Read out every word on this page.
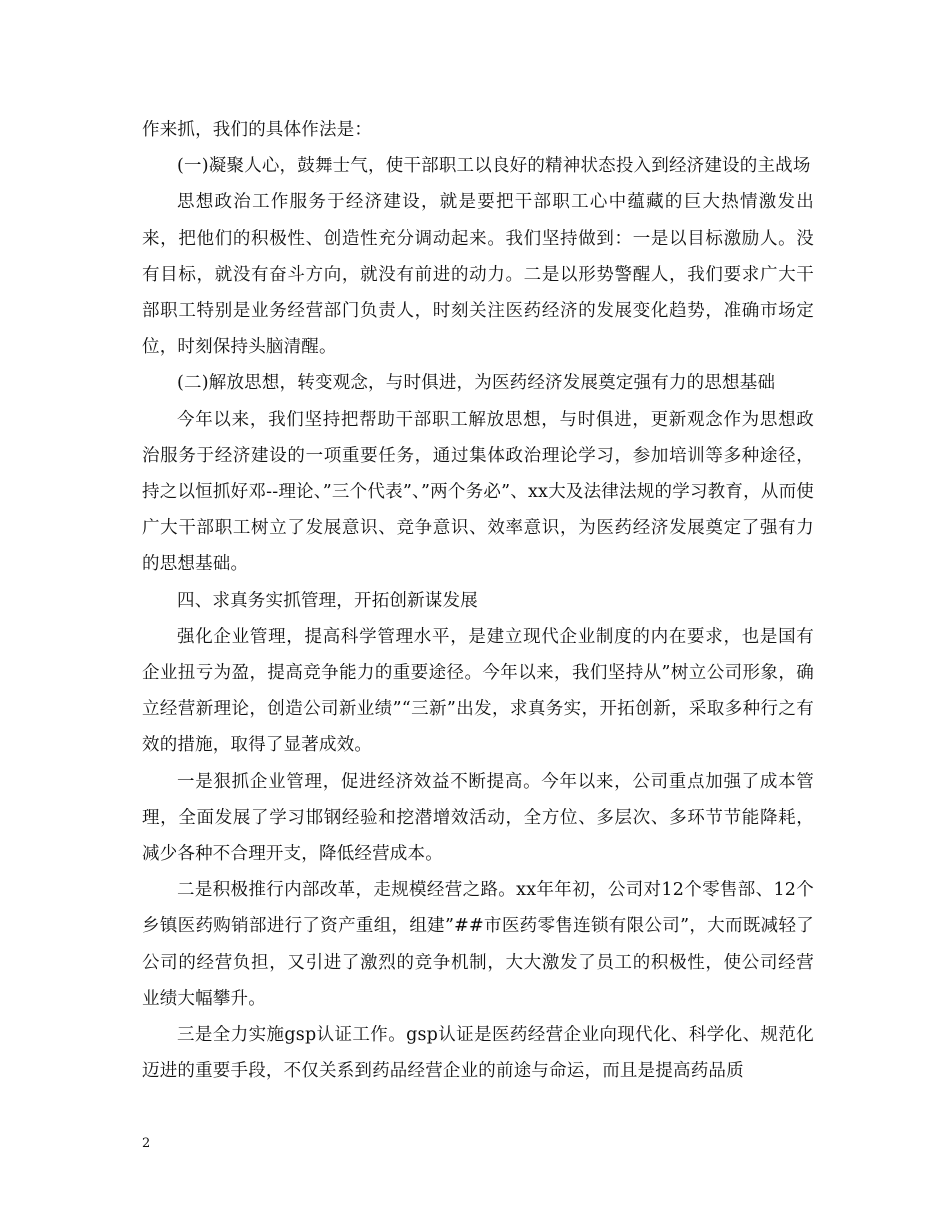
作来抓，我们的具体作法是：

(一)凝聚人心，鼓舞士气，使干部职工以良好的精神状态投入到经济建设的主战场

思想政治工作服务于经济建设，就是要把干部职工心中蕴藏的巨大热情激发出来，把他们的积极性、创造性充分调动起来。我们坚持做到：一是以目标激励人。没有目标，就没有奋斗方向，就没有前进的动力。二是以形势警醒人，我们要求广大干部职工特别是业务经营部门负责人，时刻关注医药经济的发展变化趋势，准确市场定位，时刻保持头脑清醒。

(二)解放思想，转变观念，与时俱进，为医药经济发展奠定强有力的思想基础

今年以来，我们坚持把帮助干部职工解放思想，与时俱进，更新观念作为思想政治服务于经济建设的一项重要任务，通过集体政治理论学习，参加培训等多种途径，持之以恒抓好邓--理论、”三个代表”、”两个务必”、xx大及法律法规的学习教育，从而使广大干部职工树立了发展意识、竞争意识、效率意识，为医药经济发展奠定了强有力的思想基础。

四、求真务实抓管理，开拓创新谋发展

强化企业管理，提高科学管理水平，是建立现代企业制度的内在要求，也是国有企业扭亏为盈，提高竞争能力的重要途径。今年以来，我们坚持从”树立公司形象，确立经营新理论，创造公司新业绩”“三新”出发，求真务实，开拓创新，采取多种行之有效的措施，取得了显著成效。

一是狠抓企业管理，促进经济效益不断提高。今年以来，公司重点加强了成本管理，全面发展了学习邯钢经验和挖潜增效活动，全方位、多层次、多环节节能降耗，减少各种不合理开支，降低经营成本。

二是积极推行内部改革，走规模经营之路。xx年年初，公司对12个零售部、12个乡镇医药购销部进行了资产重组，组建”##市医药零售连锁有限公司”，大而既减轻了公司的经营负担，又引进了激烈的竞争机制，大大激发了员工的积极性，使公司经营业绩大幅攀升。

三是全力实施gsp认证工作。gsp认证是医药经营企业向现代化、科学化、规范化迈进的重要手段，不仅关系到药品经营企业的前途与命运，而且是提高药品质

2
